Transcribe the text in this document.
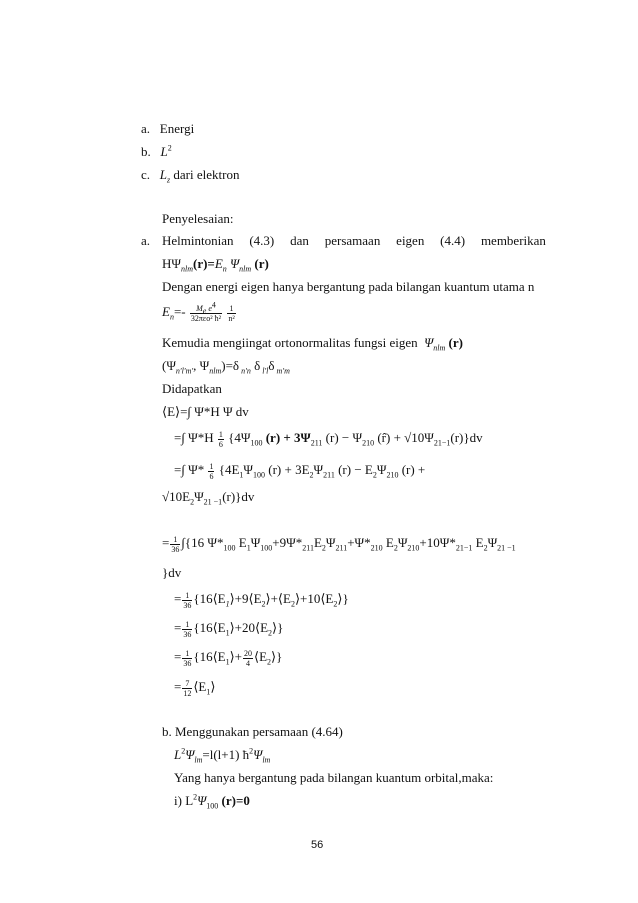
a. Energi
b. $L^2$
c. $L_z$ dari elektron
Penyelesaian:
a. Helmintonian (4.3) dan persamaan eigen (4.4) memberikan
$H\Psi_{nlm}(r)=E_n$ $\Psi_{nlm}$ (r)
Dengan energi eigen hanya bergantung pada bilangan kuantum utama n
$E_n=- \frac{M_e e^4}{\text{32πεo² ħ²}}$
$\frac{1}{\text{n²}}$
Kemudia mengiingat ortonormalitas fungsi eigen $\Psi_{nlm}$ (r)
($\Psi_{n'l'm'}$, $\Psi_{nlm})=\delta$ $_{n'n}$ δ $_{l'l}$δ $_{m'm}$
Didapatkan
⟨E⟩=∫ Ψ*H Ψ dv
=∫ $\Psi*H \frac{1}{6} \{4\Psi_{100}$ $(r) + 3\Psi_{211}$ $(r) - \Psi_{210}$ (r̂) + $√10\Psi_{21-1}(r)\}dv$
=∫ $\Psi* \frac{1}{6} \{4E_1\Psi_{100}$ $(r) + 3E_2\Psi_{211}$ $(r) - E_2\Psi_{210}$ (r) +
$√10E_2\Psi_{21 -1}(r)\}dv$
= $\frac{1}{36} \int\{16$ $\Psi*_{100}$ $E_1\Psi_{100}+9\Psi*_{211}E_2\Psi_{211}+\Psi*_{210}$ $E_2\Psi_{210}+10\Psi*_{21-1}$ $E_2\Psi_{21 -1}$
}dv
= $\frac{1}{36}$ $\{16⟨E_1⟩+9⟨E_2⟩+⟨E_2⟩+10⟨E_2⟩\}$
= $\frac{1}{36}$ $\{16⟨E_1⟩+20⟨E_2⟩\}$
= $\frac{1}{36}$ {$16⟨E_1⟩+ \frac{20}{4}$ $⟨E_2⟩$}
= $\frac{7}{12}$ $⟨E_1⟩$
b. Menggunakan persamaan (4.64)
$L^2\Psi_{lm}=l(l+1)$ $ħ^2\Psi_{lm}$
Yang hanya bergantung pada bilangan kuantum orbital,maka:
i) $L^2\Psi_{100}$ (r)=0
56
